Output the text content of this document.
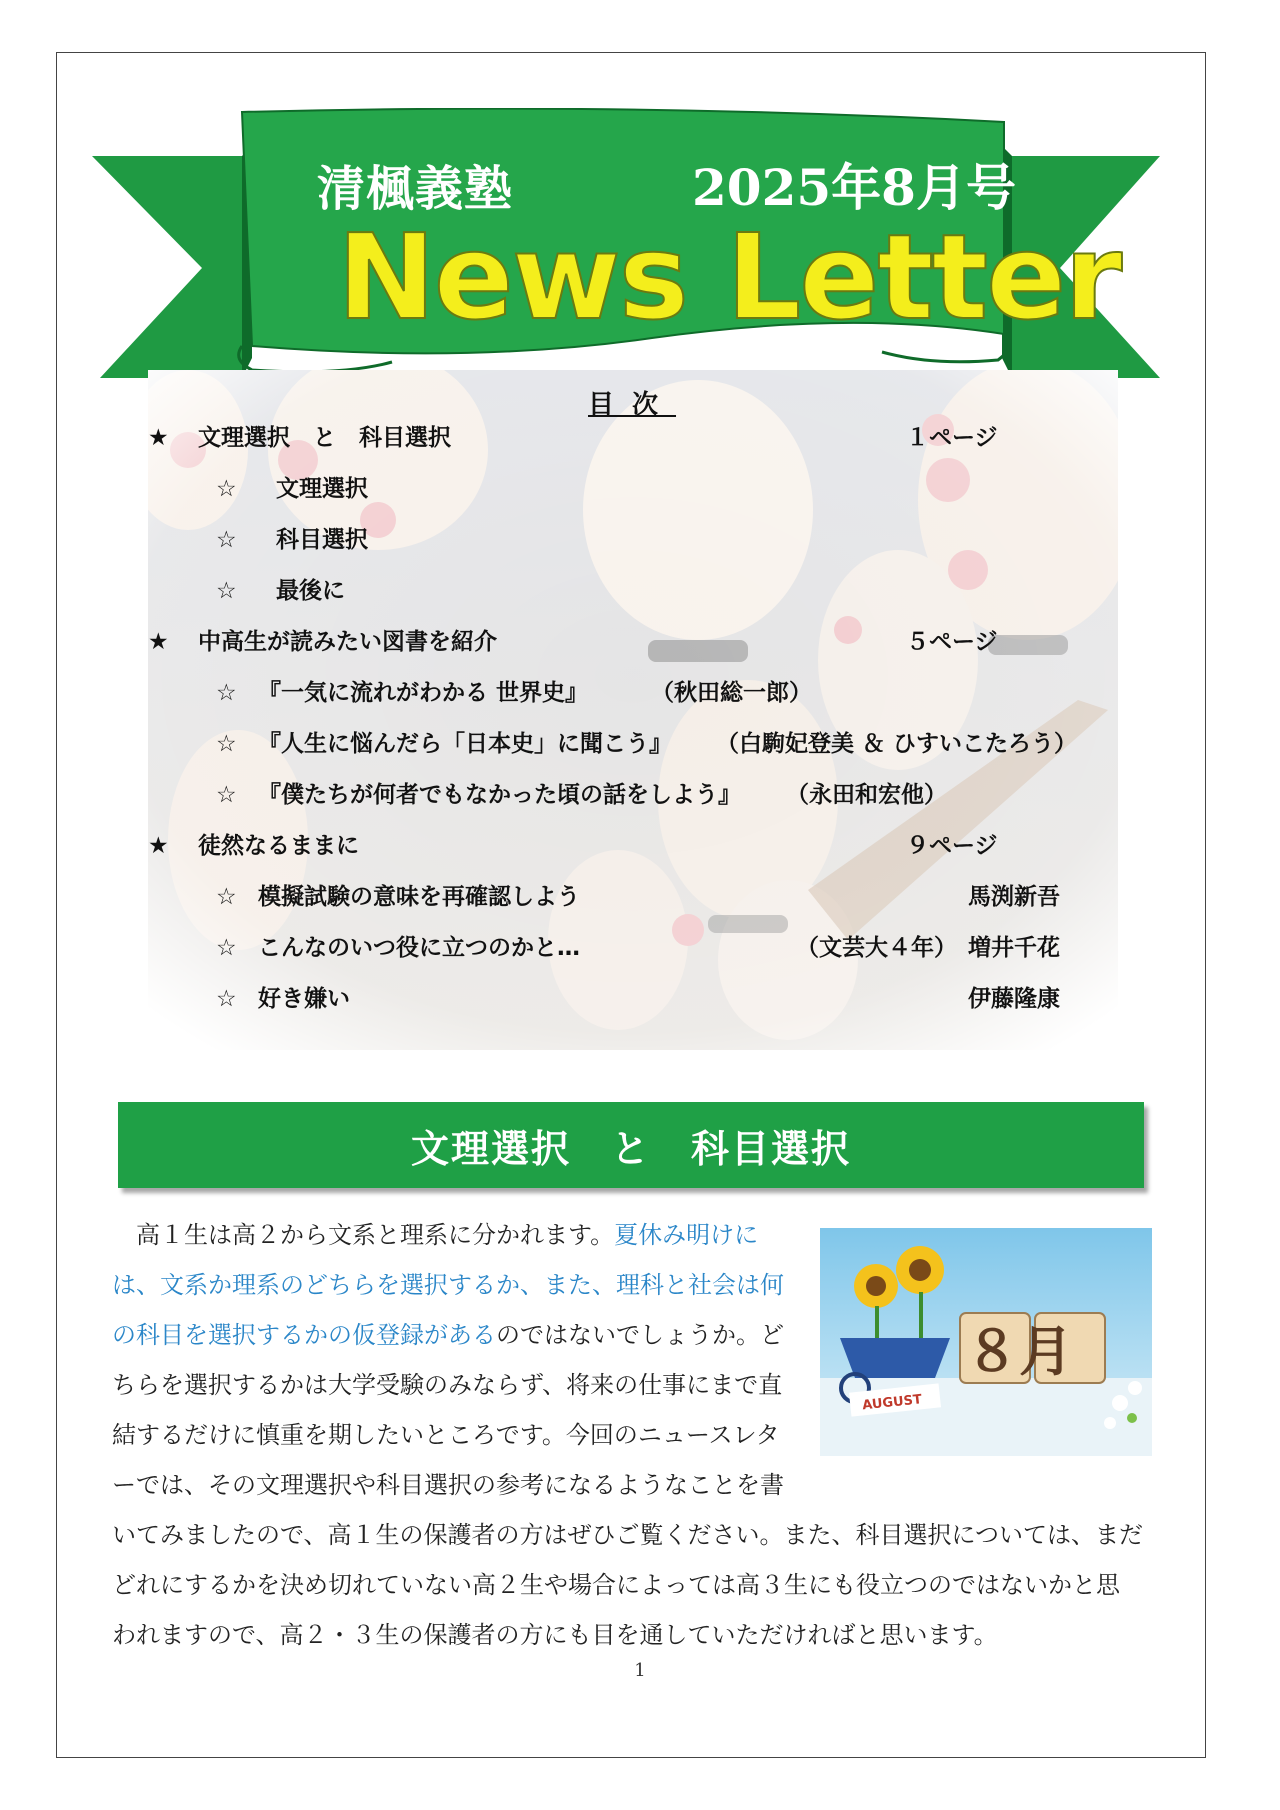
清楓義塾	2025年8月号
News Letter
目次
★ 文理選択　と　科目選択	１ページ
☆ 文理選択
☆ 科目選択
☆ 最後に
★ 中高生が読みたい図書を紹介	５ページ
☆ 『一気に流れがわかる 世界史』	（秋田総一郎）
☆ 『人生に悩んだら「日本史」に聞こう』 （白駒妃登美 ＆ ひすいこたろう）
☆ 『僕たちが何者でもなかった頃の話をしよう』 （永田和宏他）
★ 徒然なるままに	９ページ
☆ 模擬試験の意味を再確認しよう	馬渕新吾
☆ こんなのいつ役に立つのかと…	（文芸大４年） 増井千花
☆ 好き嫌い	伊藤隆康
文理選択　と　科目選択
AUGUST
８月
　高１生は高２から文系と理系に分かれます。夏休み明けに
は、文系か理系のどちらを選択するか、また、理科と社会は何
の科目を選択するかの仮登録があるのではないでしょうか。ど
ちらを選択するかは大学受験のみならず、将来の仕事にまで直
結するだけに慎重を期したいところです。今回のニュースレタ
ーでは、その文理選択や科目選択の参考になるようなことを書
いてみましたので、高１生の保護者の方はぜひご覧ください。また、科目選択については、まだ
どれにするかを決め切れていない高２生や場合によっては高３生にも役立つのではないかと思
われますので、高２・３生の保護者の方にも目を通していただければと思います。
1
